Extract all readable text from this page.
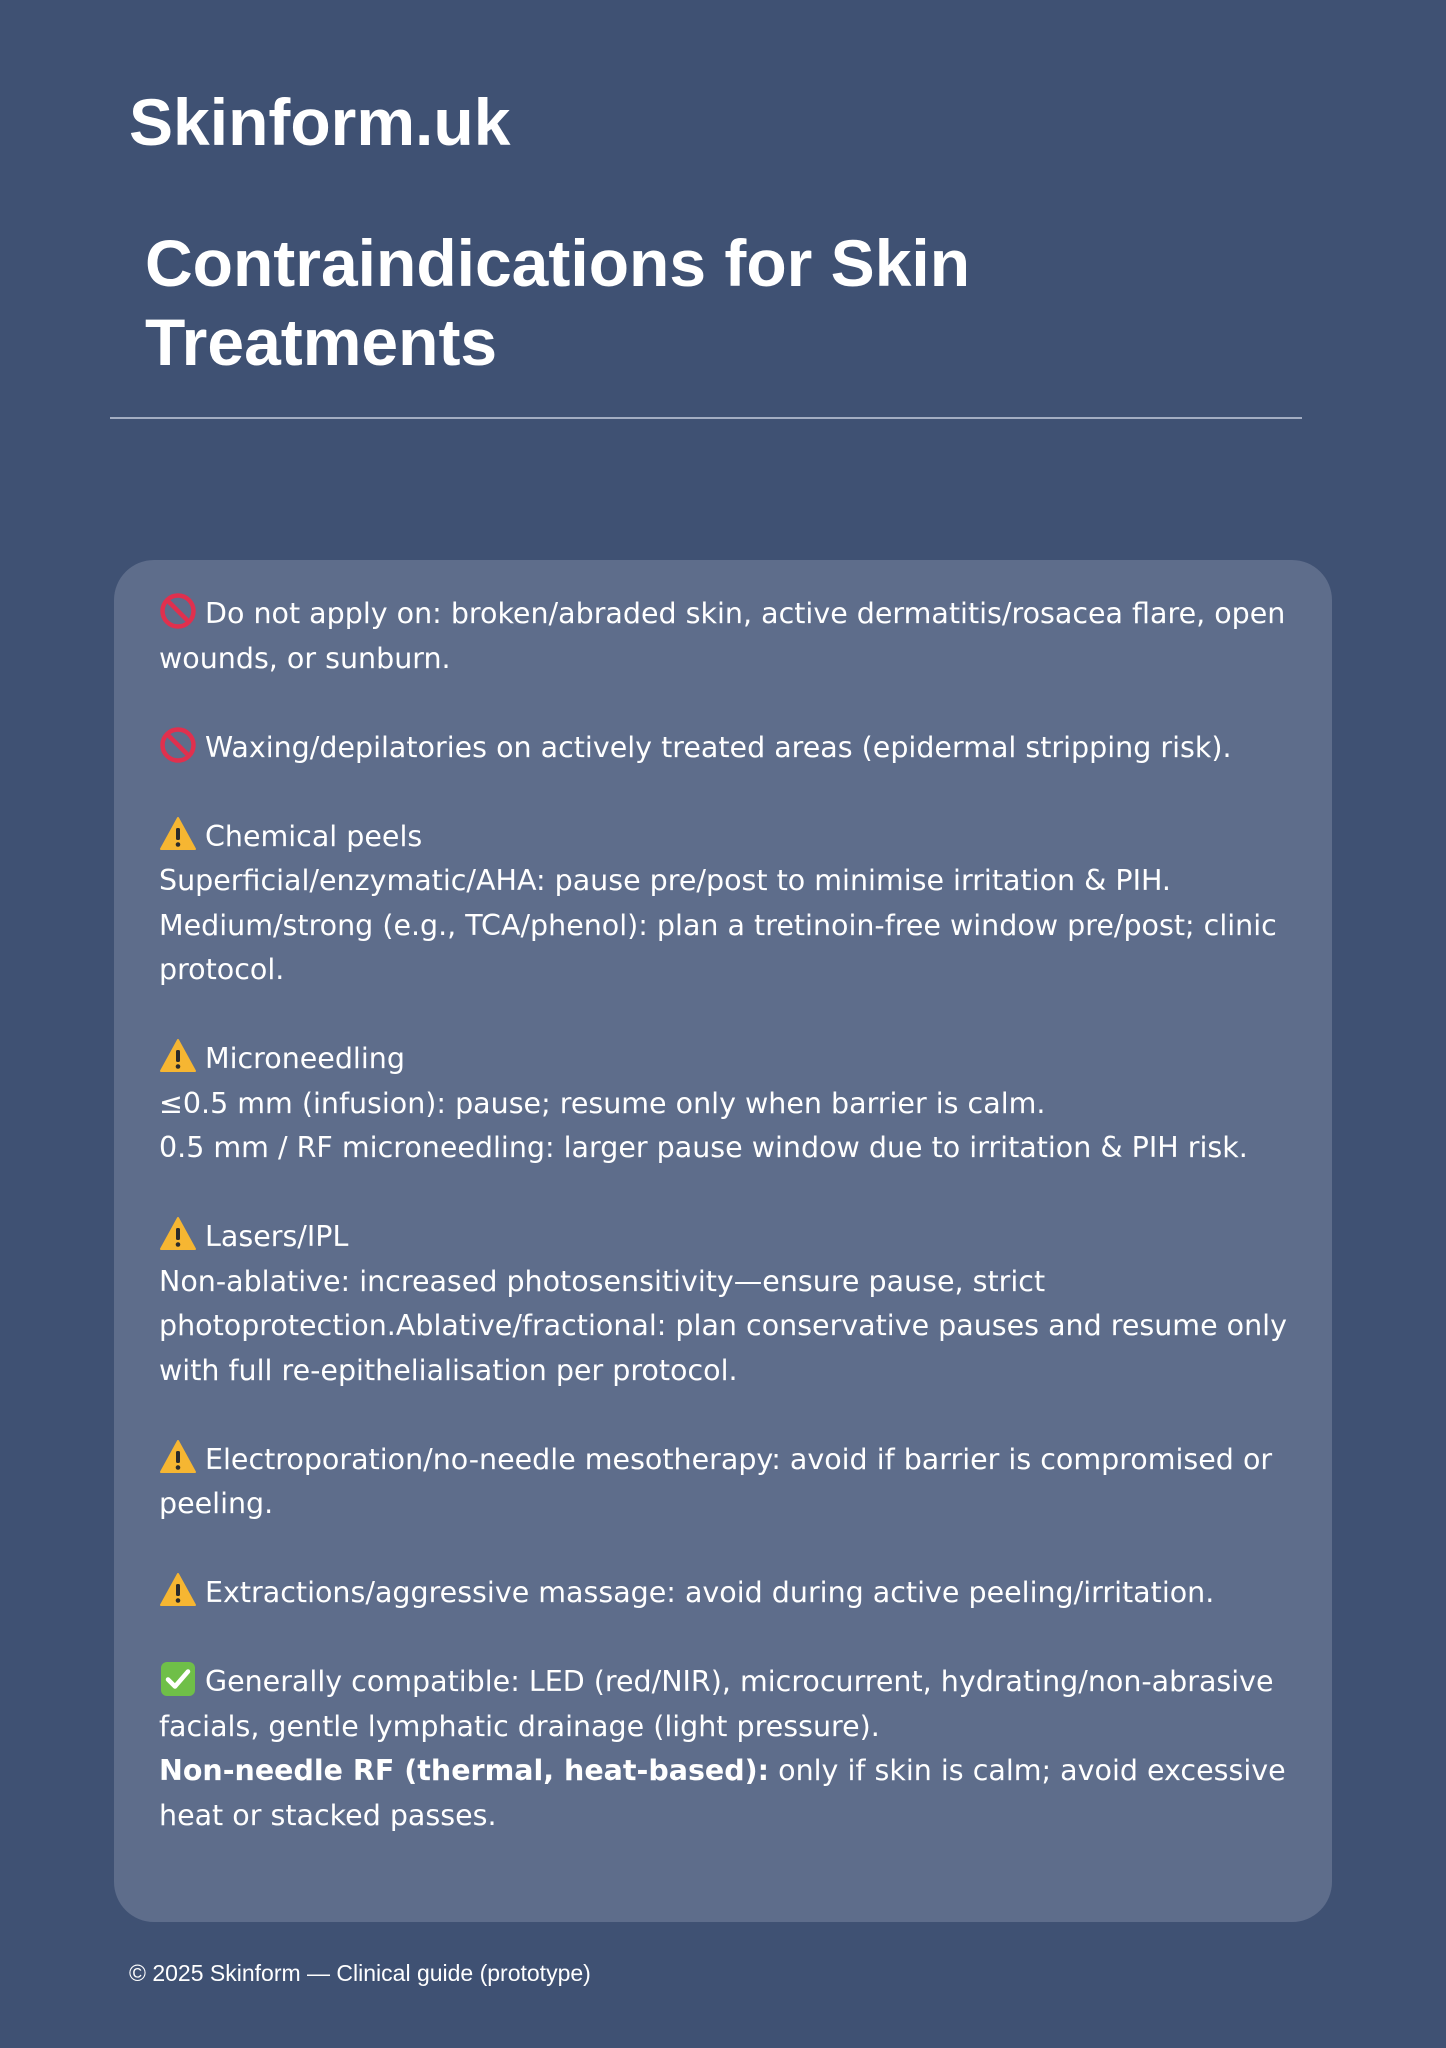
Skinform.uk
Contraindications for Skin Treatments

Do not apply on: broken/abraded skin, active dermatitis/rosacea flare, open wounds, or sunburn.

Waxing/depilatories on actively treated areas (epidermal stripping risk).

Chemical peels

Superficial/enzymatic/AHA: pause pre/post to minimise irritation & PIH.

Medium/strong (e.g., TCA/phenol): plan a tretinoin-free window pre/post; clinic protocol.

Microneedling

≤0.5 mm (infusion): pause; resume only when barrier is calm.

0.5 mm / RF microneedling: larger pause window due to irritation & PIH risk.

Lasers/IPL

Non-ablative: increased photosensitivity—ensure pause, strict photoprotection.Ablative/fractional: plan conservative pauses and resume only with full re-epithelialisation per protocol.

Electroporation/no-needle mesotherapy: avoid if barrier is compromised or peeling.

Extractions/aggressive massage: avoid during active peeling/irritation.

Generally compatible: LED (red/NIR), microcurrent, hydrating/non-abrasive facials, gentle lymphatic drainage (light pressure).

Non-needle RF (thermal, heat-based): only if skin is calm; avoid excessive heat or stacked passes.

© 2025 Skinform — Clinical guide (prototype)
